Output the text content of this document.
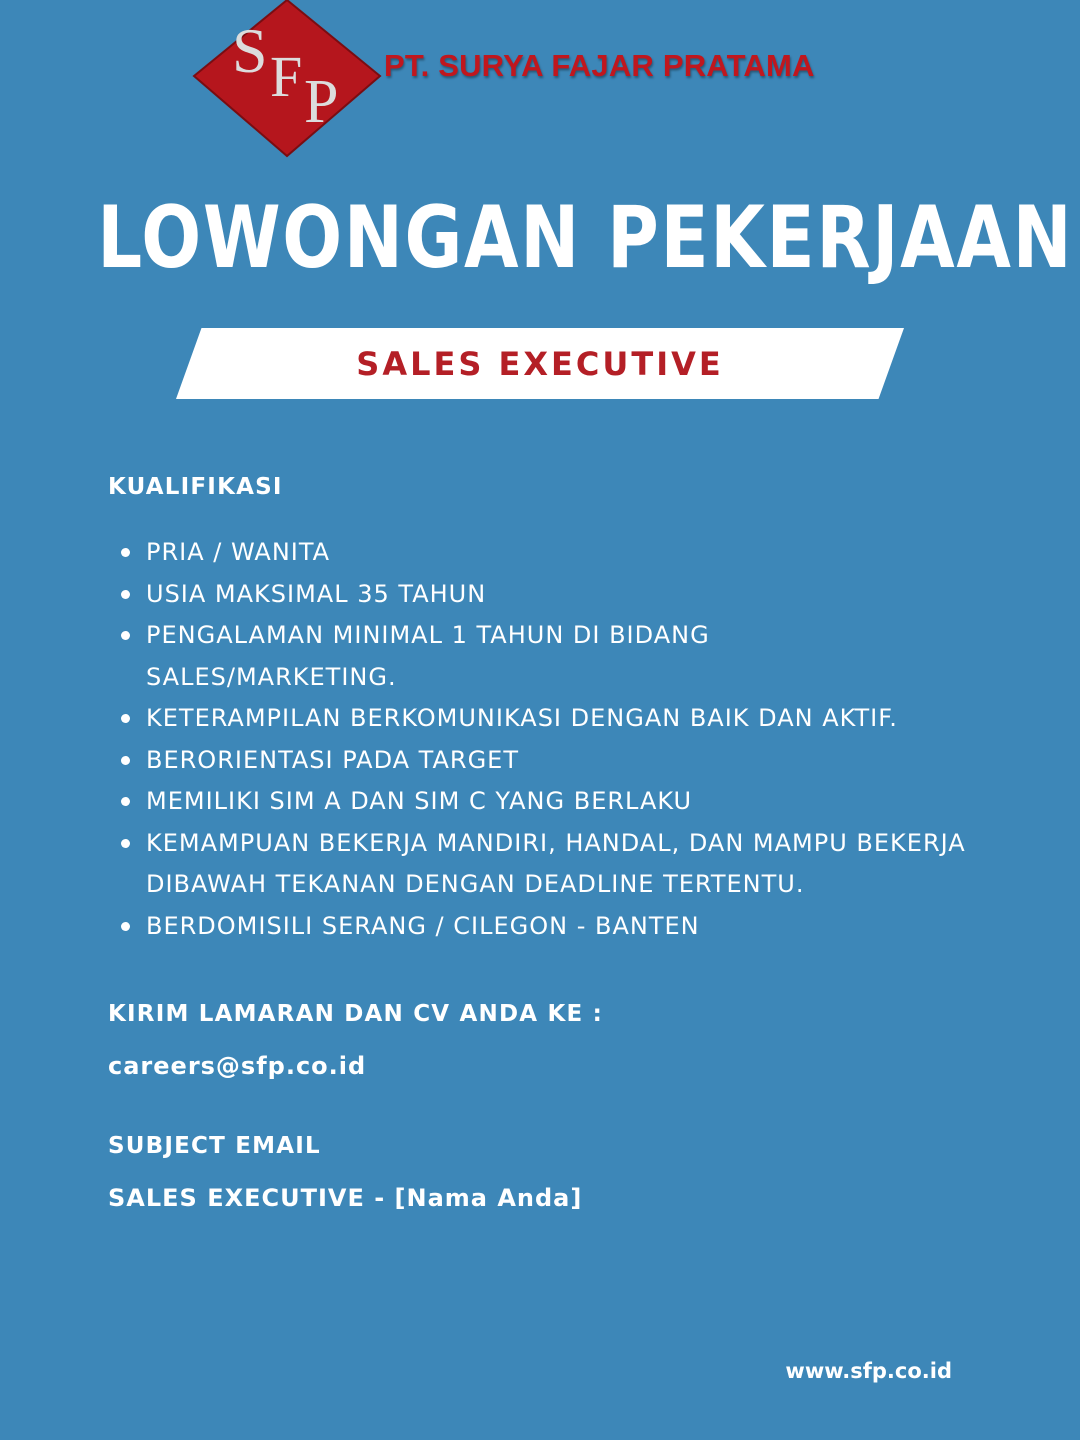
S F P
PT. SURYA FAJAR PRATAMA
LOWONGAN PEKERJAAN
SALES EXECUTIVE
KUALIFIKASI
PRIA / WANITA
USIA MAKSIMAL 35 TAHUN
PENGALAMAN MINIMAL 1 TAHUN DI BIDANG SALES/MARKETING.
KETERAMPILAN BERKOMUNIKASI DENGAN BAIK DAN AKTIF.
BERORIENTASI PADA TARGET
MEMILIKI SIM A DAN SIM C YANG BERLAKU
KEMAMPUAN BEKERJA MANDIRI, HANDAL, DAN MAMPU BEKERJA DIBAWAH TEKANAN DENGAN DEADLINE TERTENTU.
BERDOMISILI SERANG / CILEGON - BANTEN
KIRIM LAMARAN DAN CV ANDA KE :
careers@sfp.co.id
SUBJECT EMAIL
SALES EXECUTIVE - [Nama Anda]
www.sfp.co.id
